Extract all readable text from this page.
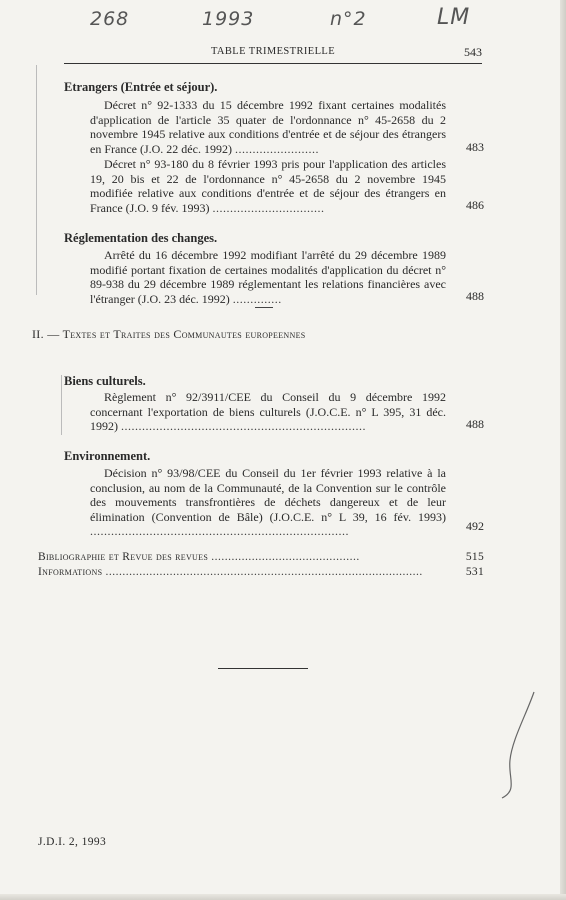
268	1993	n°2	LM
TABLE TRIMESTRIELLE	543
Etrangers (Entrée et séjour).
Décret n° 92-1333 du 15 décembre 1992 fixant certaines modalités d'application de l'article 35 quater de l'ordonnance n° 45-2658 du 2 novembre 1945 relative aux conditions d'entrée et de séjour des étrangers en France (J.O. 22 déc. 1992) ........................	483
Décret n° 93-180 du 8 février 1993 pris pour l'application des articles 19, 20 bis et 22 de l'ordonnance n° 45-2658 du 2 novembre 1945 modifiée relative aux conditions d'entrée et de séjour des étrangers en France (J.O. 9 fév. 1993) ................................	486
Réglementation des changes.
Arrêté du 16 décembre 1992 modifiant l'arrêté du 29 décembre 1989 modifié portant fixation de certaines modalités d'application du décret n° 89-938 du 29 décembre 1989 réglementant les relations financières avec l'étranger (J.O. 23 déc. 1992) ..............	488
II. — Textes et Traites des Communautes europeennes
Biens culturels.
Règlement n° 92/3911/CEE du Conseil du 9 décembre 1992 concernant l'exportation de biens culturels (J.O.C.E. n° L 395, 31 déc. 1992) ......................................................................	488
Environnement.
Décision n° 93/98/CEE du Conseil du 1er février 1993 relative à la conclusion, au nom de la Communauté, de la Convention sur le contrôle des mouvements transfrontières de déchets dangereux et de leur élimination (Convention de Bâle) (J.O.C.E. n° L 39, 16 fév. 1993) ..........................................................................	492
Bibliographie et Revue des revues ............................................	515
Informations ..............................................................................................	531
J.D.I. 2, 1993
